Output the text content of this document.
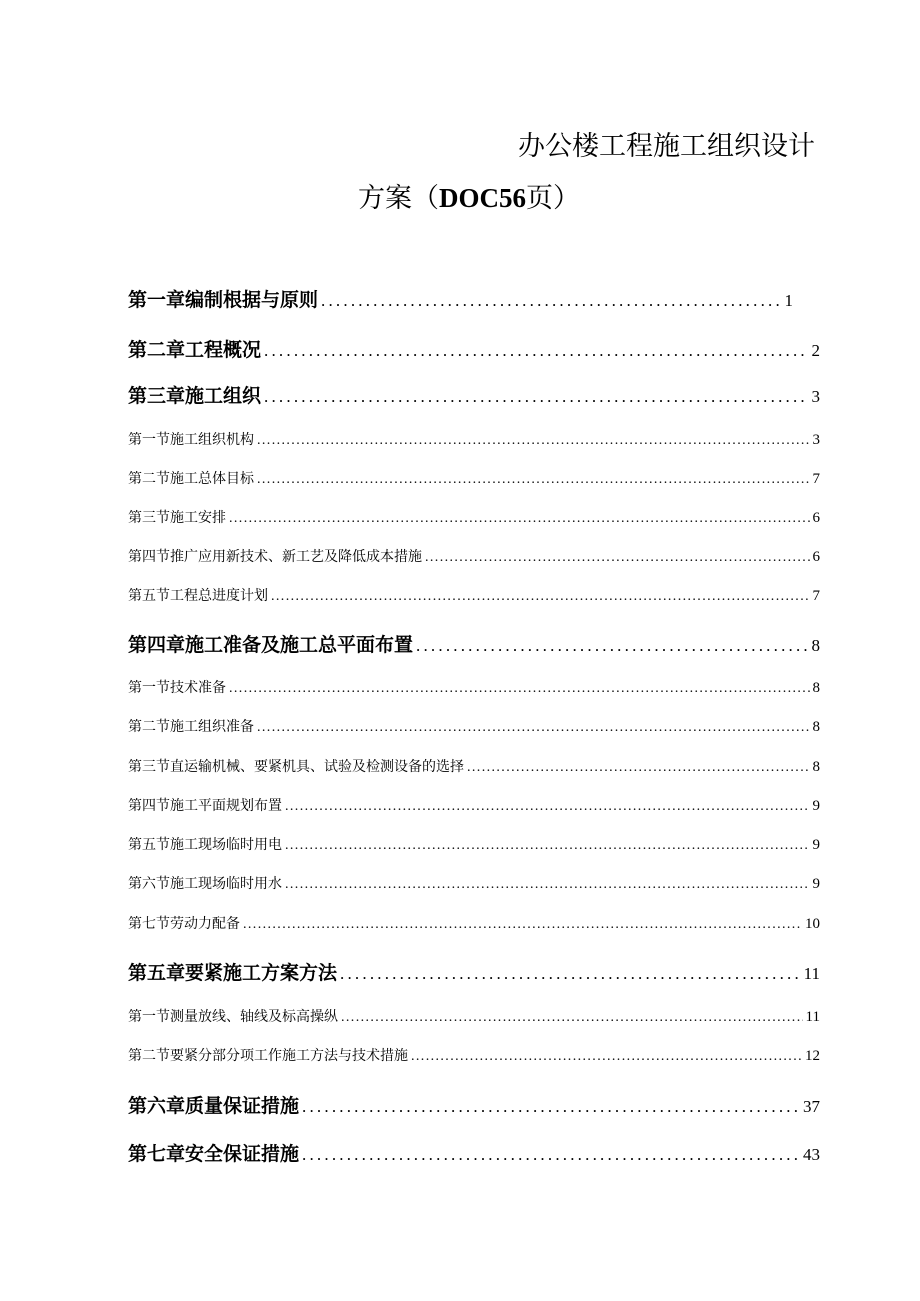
办公楼工程施工组织设计
方案（DOC56页）
第一章编制根据与原则 .....	1
第二章工程概况 .....	2
第三章施工组织 .....	3
第一节施工组织机构 .....	3
第二节施工总体目标 .....	7
第三节施工安排 .....	6
第四节推广应用新技术、新工艺及降低成本措施 .....	6
第五节工程总进度计划 .....	7
第四章施工准备及施工总平面布置 .....	8
第一节技术准备 .....	8
第二节施工组织准备 .....	8
第三节直运输机械、要紧机具、试验及检测设备的选择 .....	8
第四节施工平面规划布置 .....	9
第五节施工现场临时用电 .....	9
第六节施工现场临时用水 .....	9
第七节劳动力配备 .....	10
第五章要紧施工方案方法 .....	11
第一节测量放线、轴线及标高操纵 .....	11
第二节要紧分部分项工作施工方法与技术措施 .....	12
第六章质量保证措施 .....	37
第七章安全保证措施 .....	43
